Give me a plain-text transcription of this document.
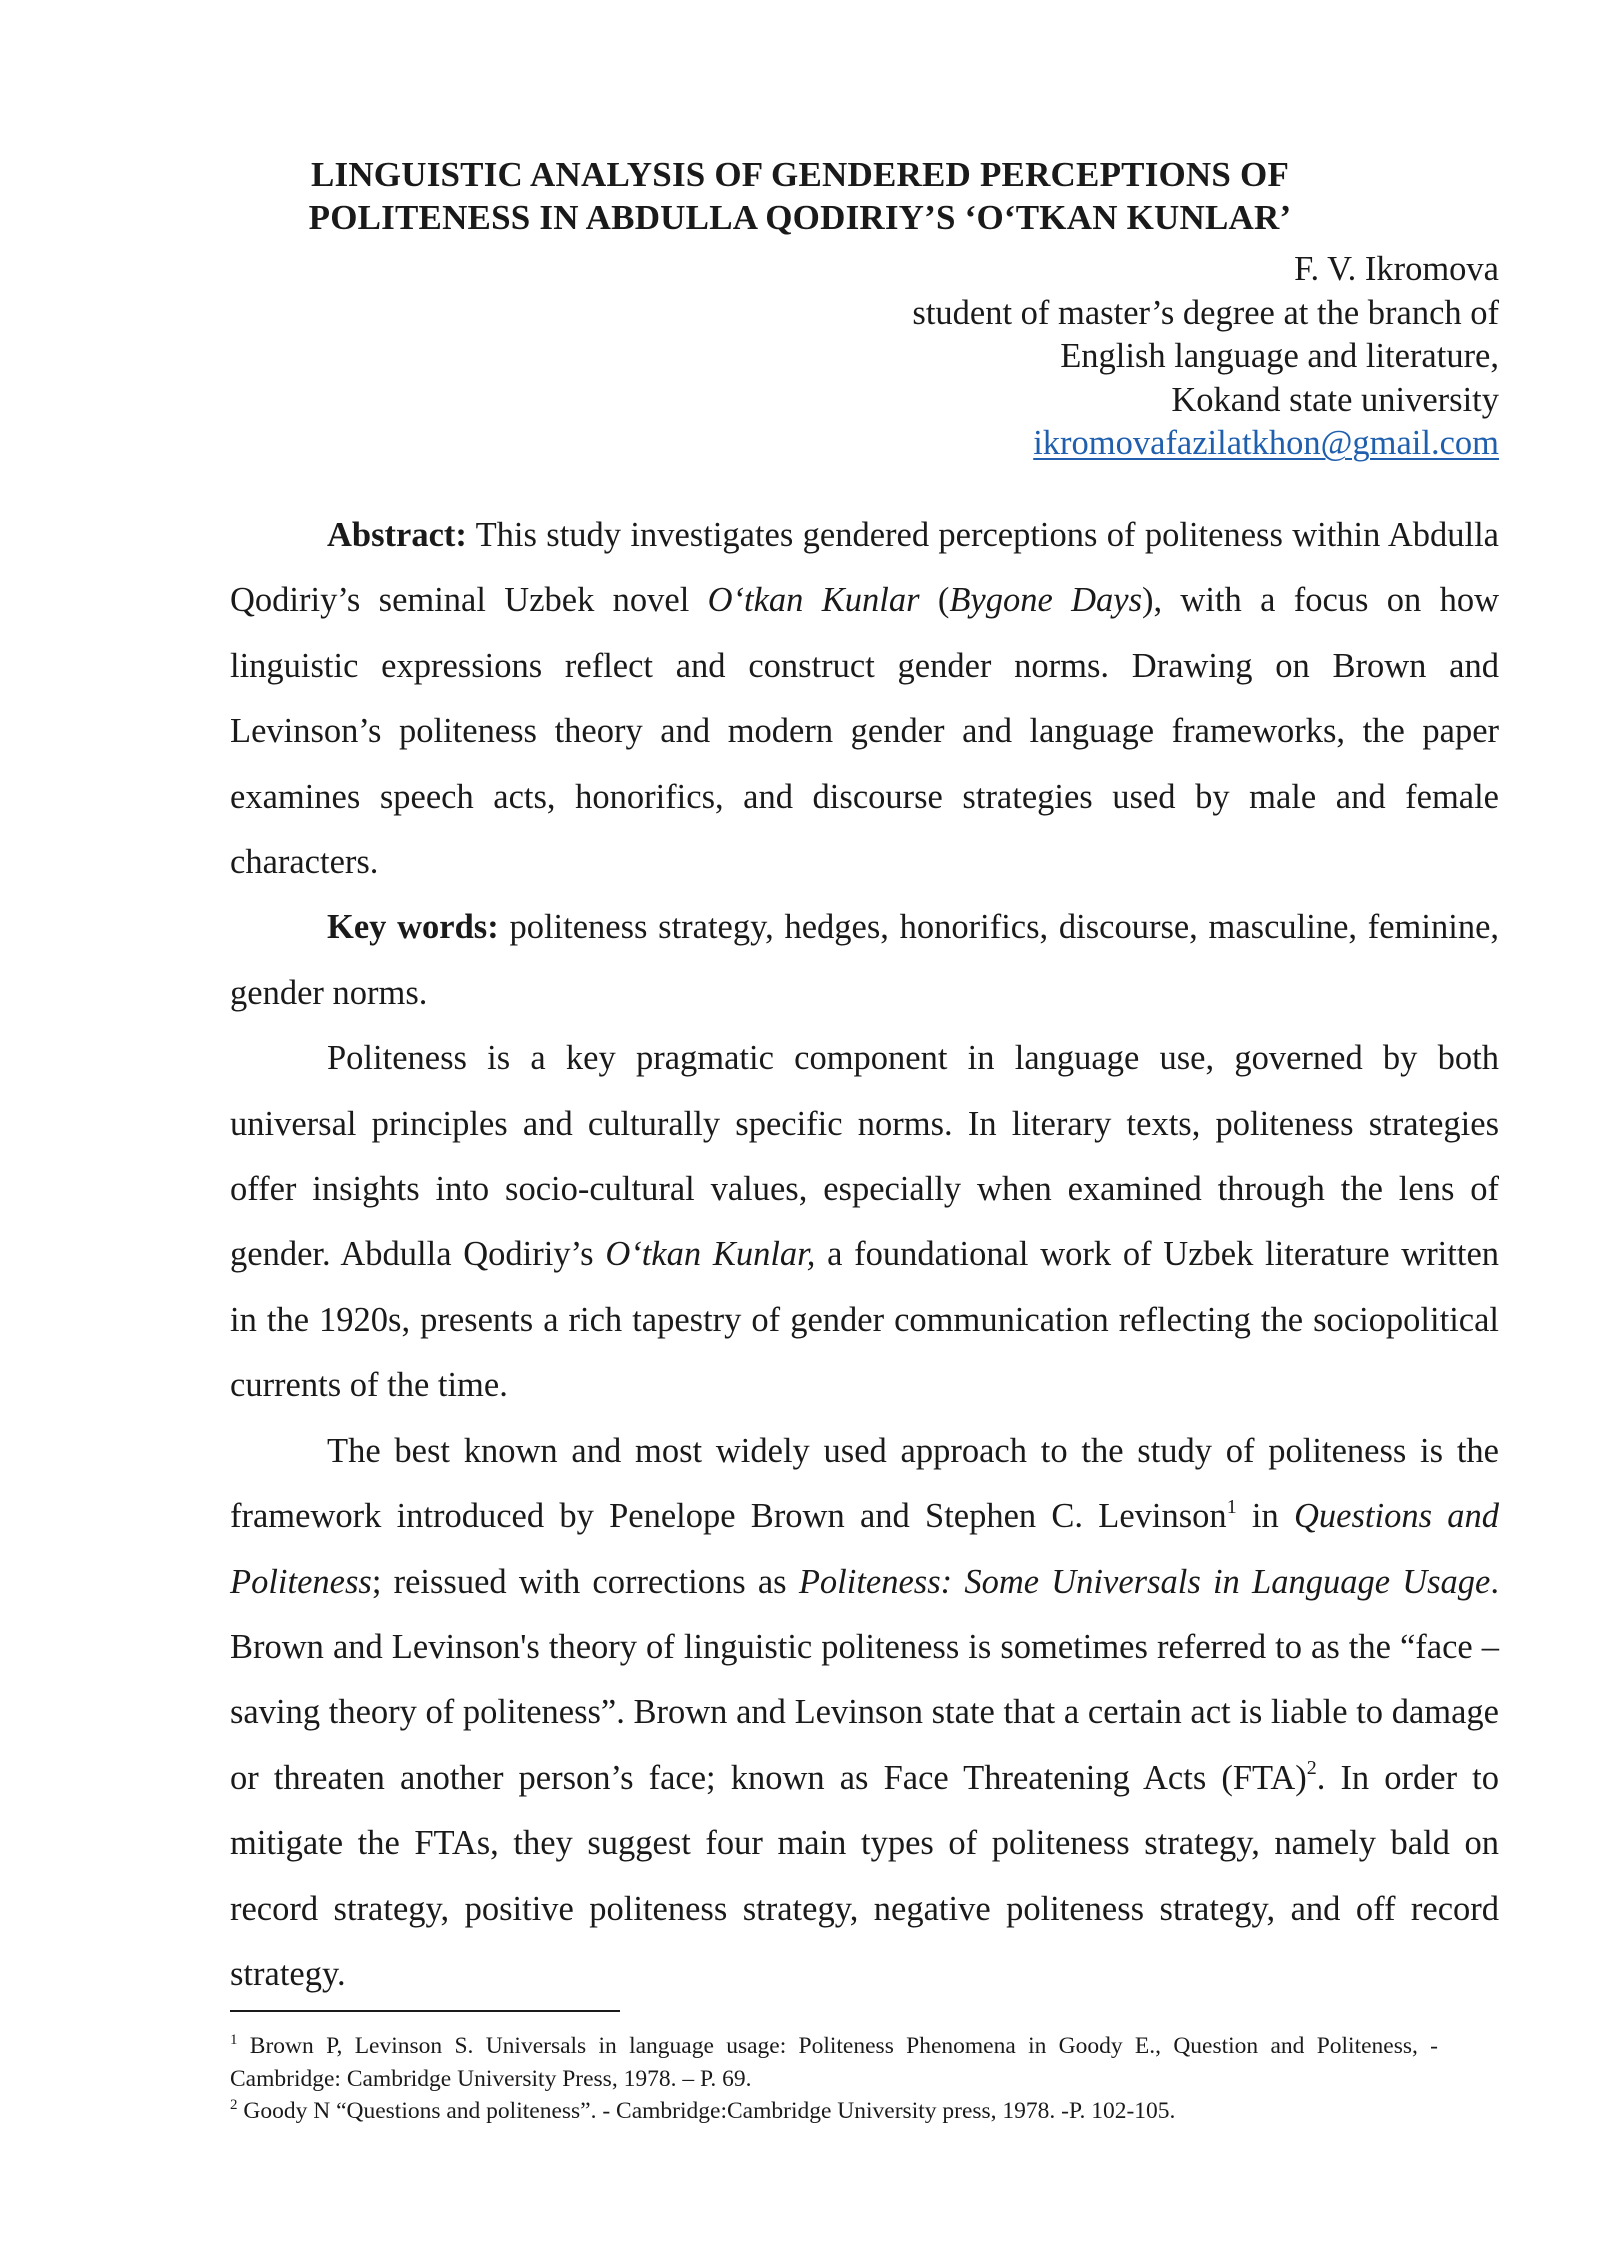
LINGUISTIC ANALYSIS OF GENDERED PERCEPTIONS OF
POLITENESS IN ABDULLA QODIRIY’S ‘O‘TKAN KUNLAR’
F. V. Ikromova
student of master’s degree at the branch of
English language and literature,
Kokand state university
ikromovafazilatkhon@gmail.com

Abstract: This study investigates gendered perceptions of politeness within Abdulla Qodiriy’s seminal Uzbek novel O‘tkan Kunlar (Bygone Days), with a focus on how linguistic expressions reflect and construct gender norms. Drawing on Brown and Levinson’s politeness theory and modern gender and language frameworks, the paper examines speech acts, honorifics, and discourse strategies used by male and female characters.

Key words: politeness strategy, hedges, honorifics, discourse, masculine, feminine, gender norms.

Politeness is a key pragmatic component in language use, governed by both universal principles and culturally specific norms. In literary texts, politeness strategies offer insights into socio-cultural values, especially when examined through the lens of gender. Abdulla Qodiriy’s O‘tkan Kunlar, a foundational work of Uzbek literature written in the 1920s, presents a rich tapestry of gender communication reflecting the sociopolitical currents of the time.

The best known and most widely used approach to the study of politeness is the framework introduced by Penelope Brown and Stephen C. Levinson$^1$ in Questions and Politeness; reissued with corrections as Politeness: Some Universals in Language Usage. Brown and Levinson's theory of linguistic politeness is sometimes referred to as the “face – saving theory of politeness”. Brown and Levinson state that a certain act is liable to damage or threaten another person’s face; known as Face Threatening Acts (FTA)$^2$. In order to mitigate the FTAs, they suggest four main types of politeness strategy, namely bald on record strategy, positive politeness strategy, negative politeness strategy, and off record strategy.

$^1$ Brown P, Levinson S. Universals in language usage: Politeness Phenomena in Goody E., Question and Politeness, -Cambridge: Cambridge University Press, 1978. – P. 69.

$^2$ Goody N “Questions and politeness”. - Cambridge:Cambridge University press, 1978. -P. 102-105.
